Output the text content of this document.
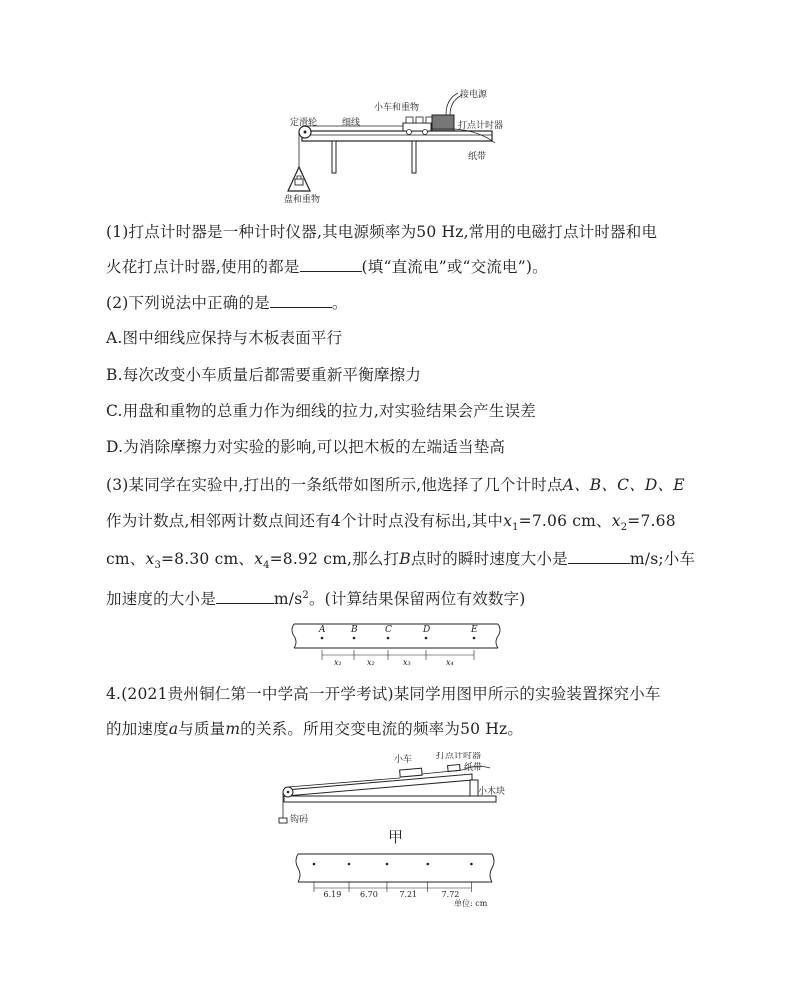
定滑轮	细线
小车和重物
接电源
打点计时器
纸带
盘和重物
(1)打点计时器是一种计时仪器,其电源频率为50 Hz,常用的电磁打点计时器和电
火花打点计时器,使用的都是	(填“直流电”或“交流电”)。
(2)下列说法中正确的是	。
A.图中细线应保持与木板表面平行
B.每次改变小车质量后都需要重新平衡摩擦力
C.用盘和重物的总重力作为细线的拉力,对实验结果会产生误差
D.为消除摩擦力对实验的影响,可以把木板的左端适当垫高
(3)某同学在实验中,打出的一条纸带如图所示,他选择了几个计时点A、B、C、D、E
作为计数点,相邻两计数点间还有4个计时点没有标出,其中$x_1=7.06$ cm、$x_2=7.68$
cm、$x_3=8.30$ cm、$x_4=8.92$ cm,那么打B点时的瞬时速度大小是	m/s;小车
加速度的大小是	$m/s^2$。(计算结果保留两位有效数字)
A	B	C	D	E
x₁	x₂	x₃	x₄
4.(2021贵州铜仁第一中学高一开学考试)某同学用图甲所示的实验装置探究小车
的加速度a与质量m的关系。所用交变电流的频率为50 Hz。
小车	打点计时器
纸带
小木块
钩码
甲
6.19 6.70	7.21	7.72
单位: cm
